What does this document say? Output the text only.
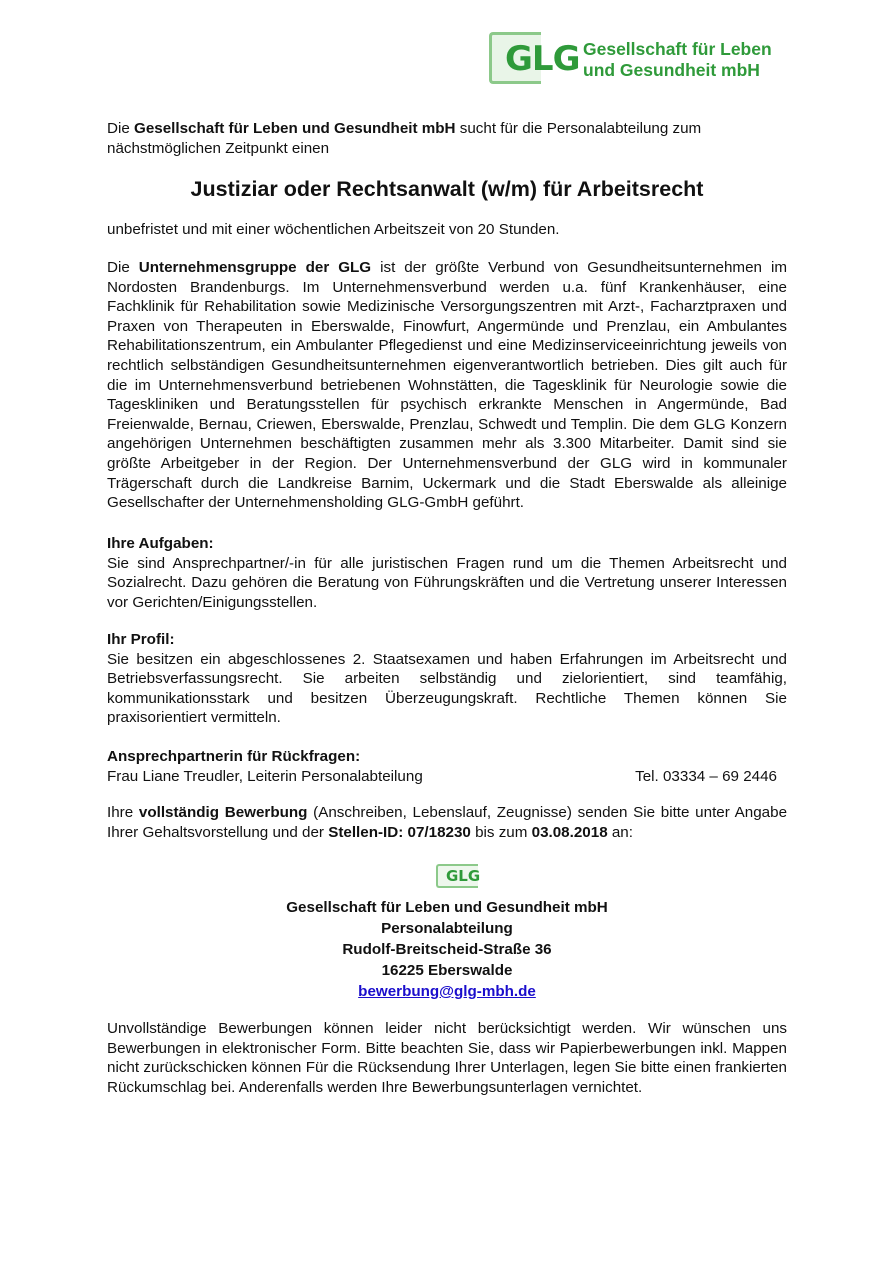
GLG Gesellschaft für Leben
und Gesundheit mbH
Die Gesellschaft für Leben und Gesundheit mbH sucht für die Personalabteilung zum nächstmöglichen Zeitpunkt einen
Justiziar oder Rechtsanwalt (w/m) für Arbeitsrecht
unbefristet und mit einer wöchentlichen Arbeitszeit von 20 Stunden.
Die Unternehmensgruppe der GLG ist der größte Verbund von Gesundheitsunternehmen im Nordosten Brandenburgs. Im Unternehmensverbund werden u.a. fünf Krankenhäuser, eine Fachklinik für Rehabilitation sowie Medizinische Versorgungszentren mit Arzt-, Facharztpraxen und Praxen von Therapeuten in Eberswalde, Finowfurt, Angermünde und Prenzlau, ein Ambulantes Rehabilitationszentrum, ein Ambulanter Pflegedienst und eine Medizinserviceeinrichtung jeweils von rechtlich selbständigen Gesundheitsunternehmen eigenverantwortlich betrieben. Dies gilt auch für die im Unternehmensverbund betriebenen Wohnstätten, die Tagesklinik für Neurologie sowie die Tageskliniken und Beratungsstellen für psychisch erkrankte Menschen in Angermünde, Bad Freienwalde, Bernau, Criewen, Eberswalde, Prenzlau, Schwedt und Templin. Die dem GLG Konzern angehörigen Unternehmen beschäftigten zusammen mehr als 3.300 Mitarbeiter. Damit sind sie größte Arbeitgeber in der Region. Der Unternehmensverbund der GLG wird in kommunaler Trägerschaft durch die Landkreise Barnim, Uckermark und die Stadt Eberswalde als alleinige Gesellschafter der Unternehmensholding GLG-GmbH geführt.
Ihre Aufgaben:

Sie sind Ansprechpartner/-in für alle juristischen Fragen rund um die Themen Arbeitsrecht und Sozialrecht. Dazu gehören die Beratung von Führungskräften und die Vertretung unserer Interessen vor Gerichten/Einigungsstellen.

Ihr Profil:

Sie besitzen ein abgeschlossenes 2. Staatsexamen und haben Erfahrungen im Arbeitsrecht und Betriebsverfassungsrecht. Sie arbeiten selbständig und zielorientiert, sind teamfähig, kommunikationsstark und besitzen Überzeugungskraft. Rechtliche Themen können Sie praxisorientiert vermitteln.

Ansprechpartnerin für Rückfragen:
Frau Liane Treudler, Leiterin Personalabteilung	Tel. 03334 – 69 2446
Ihre vollständig Bewerbung (Anschreiben, Lebenslauf, Zeugnisse) senden Sie bitte unter Angabe Ihrer Gehaltsvorstellung und der Stellen-ID: 07/18230 bis zum 03.08.2018 an:
GLG
Gesellschaft für Leben und Gesundheit mbH
Personalabteilung
Rudolf-Breitscheid-Straße 36
16225 Eberswalde
bewerbung@glg-mbh.de
Unvollständige Bewerbungen können leider nicht berücksichtigt werden. Wir wünschen uns Bewerbungen in elektronischer Form. Bitte beachten Sie, dass wir Papierbewerbungen inkl. Mappen nicht zurückschicken können Für die Rücksendung Ihrer Unterlagen, legen Sie bitte einen frankierten Rückumschlag bei. Anderenfalls werden Ihre Bewerbungsunterlagen vernichtet.
